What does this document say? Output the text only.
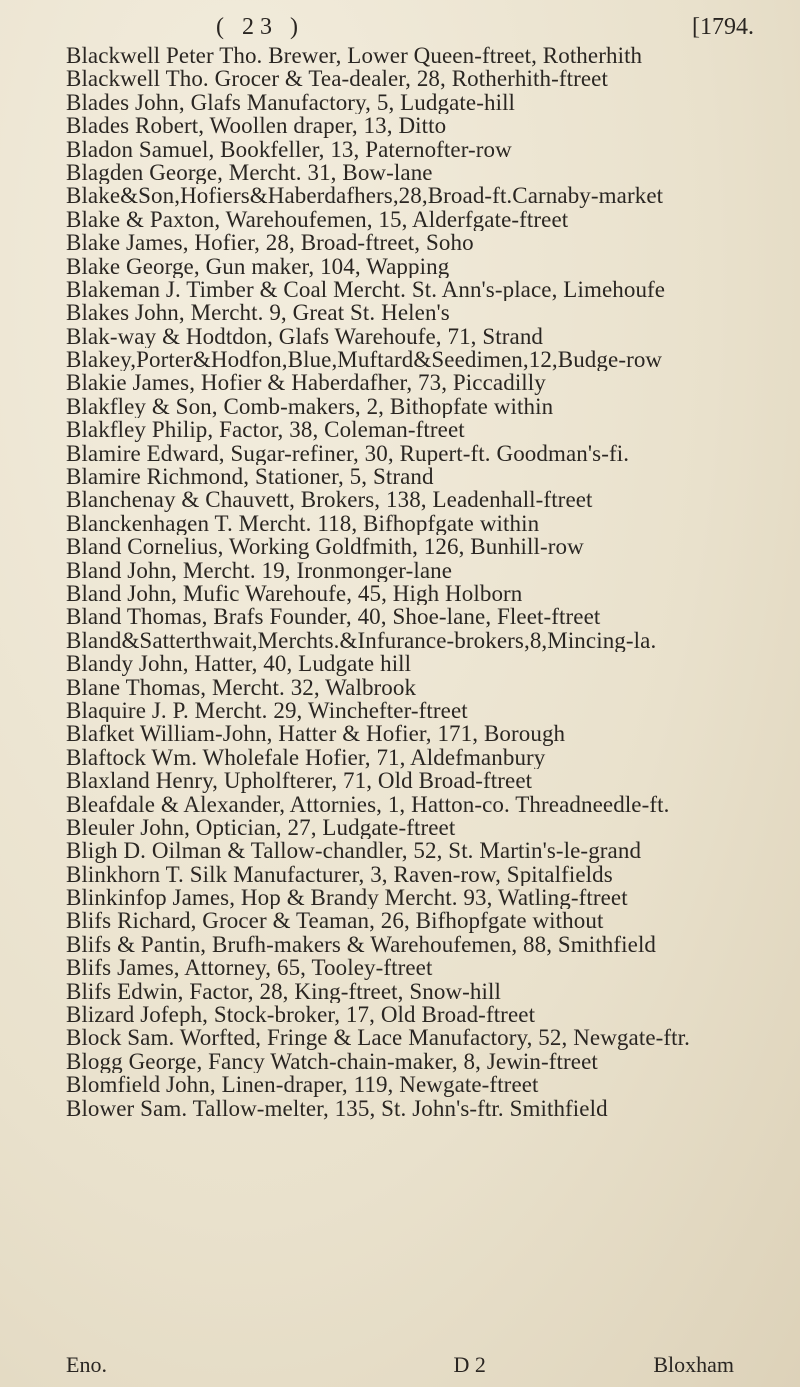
( 23 )	[1794.
Blackwell Peter Tho. Brewer, Lower Queen-ftreet, Rotherhith
Blackwell Tho. Grocer & Tea-dealer, 28, Rotherhith-ftreet
Blades John, Glafs Manufactory, 5, Ludgate-hill
Blades Robert, Woollen draper, 13, Ditto
Bladon Samuel, Bookfeller, 13, Paternofter-row
Blagden George, Mercht. 31, Bow-lane
Blake&Son,Hofiers&Haberdafhers,28,Broad-ft.Carnaby-market
Blake & Paxton, Warehoufemen, 15, Alderfgate-ftreet
Blake James, Hofier, 28, Broad-ftreet, Soho
Blake George, Gun maker, 104, Wapping
Blakeman J. Timber & Coal Mercht. St. Ann's-place, Limehoufe
Blakes John, Mercht. 9, Great St. Helen's
Blak-way & Hodtdon, Glafs Warehoufe, 71, Strand
Blakey,Porter&Hodfon,Blue,Muftard&Seedimen,12,Budge-row
Blakie James, Hofier & Haberdafher, 73, Piccadilly
Blakfley & Son, Comb-makers, 2, Bithopfate within
Blakfley Philip, Factor, 38, Coleman-ftreet
Blamire Edward, Sugar-refiner, 30, Rupert-ft. Goodman's-fi.
Blamire Richmond, Stationer, 5, Strand
Blanchenay & Chauvett, Brokers, 138, Leadenhall-ftreet
Blanckenhagen T. Mercht. 118, Bifhopfgate within
Bland Cornelius, Working Goldfmith, 126, Bunhill-row
Bland John, Mercht. 19, Ironmonger-lane
Bland John, Mufic Warehoufe, 45, High Holborn
Bland Thomas, Brafs Founder, 40, Shoe-lane, Fleet-ftreet
Bland&Satterthwait,Merchts.&Infurance-brokers,8,Mincing-la.
Blandy John, Hatter, 40, Ludgate hill
Blane Thomas, Mercht. 32, Walbrook
Blaquire J. P. Mercht. 29, Winchefter-ftreet
Blafket William-John, Hatter & Hofier, 171, Borough
Blaftock Wm. Wholefale Hofier, 71, Aldefmanbury
Blaxland Henry, Upholfterer, 71, Old Broad-ftreet
Bleafdale & Alexander, Attornies, 1, Hatton-co. Threadneedle-ft.
Bleuler John, Optician, 27, Ludgate-ftreet
Bligh D. Oilman & Tallow-chandler, 52, St. Martin's-le-grand
Blinkhorn T. Silk Manufacturer, 3, Raven-row, Spitalfields
Blinkinfop James, Hop & Brandy Mercht. 93, Watling-ftreet
Blifs Richard, Grocer & Teaman, 26, Bifhopfgate without
Blifs & Pantin, Brufh-makers & Warehoufemen, 88, Smithfield
Blifs James, Attorney, 65, Tooley-ftreet
Blifs Edwin, Factor, 28, King-ftreet, Snow-hill
Blizard Jofeph, Stock-broker, 17, Old Broad-ftreet
Block Sam. Worfted, Fringe & Lace Manufactory, 52, Newgate-ftr.
Blogg George, Fancy Watch-chain-maker, 8, Jewin-ftreet
Blomfield John, Linen-draper, 119, Newgate-ftreet
Blower Sam. Tallow-melter, 135, St. John's-ftr. Smithfield
Eno.	D 2	Bloxham
